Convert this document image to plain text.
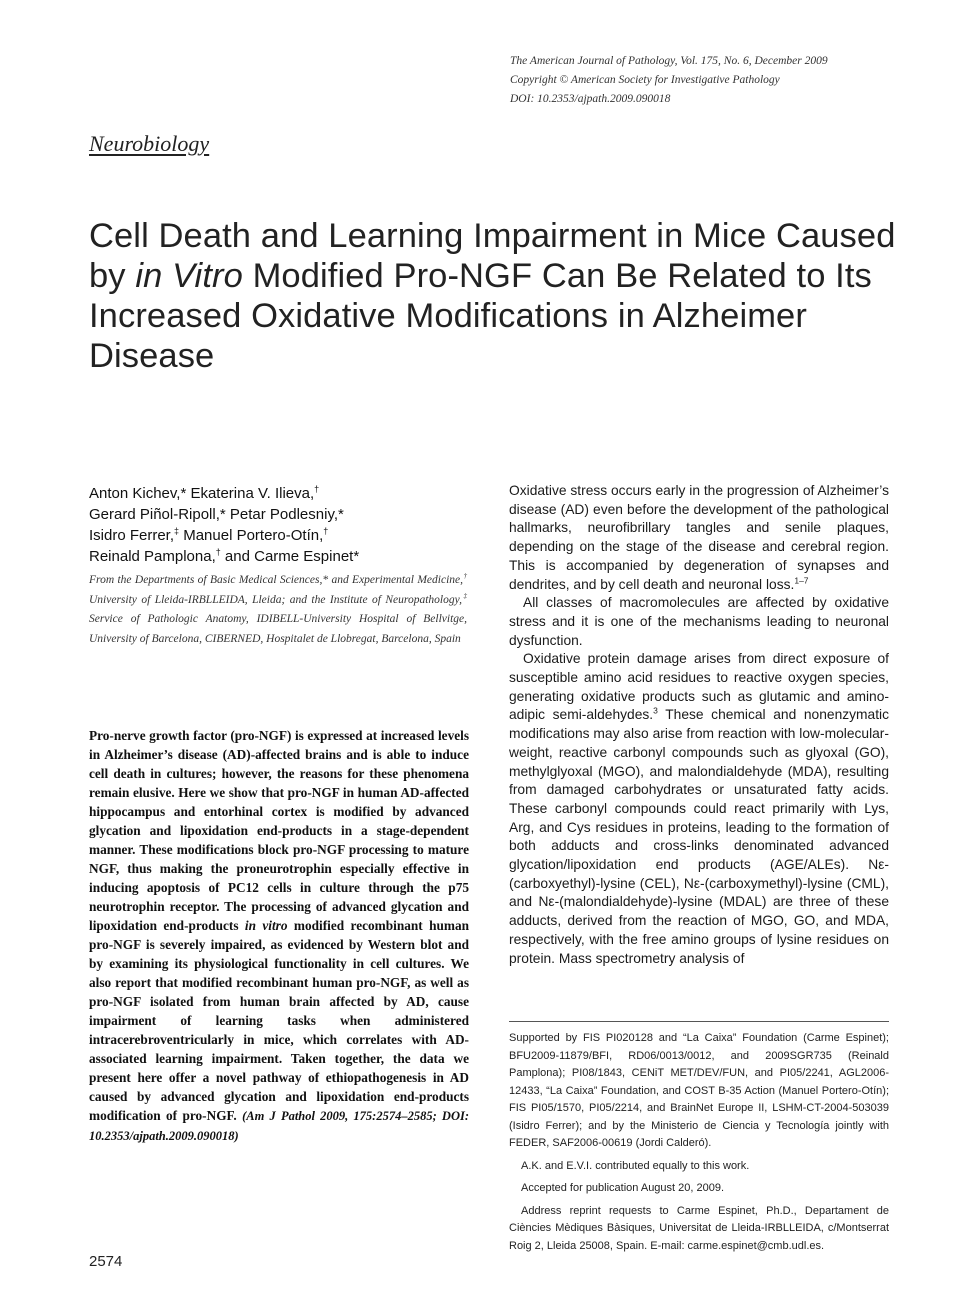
The American Journal of Pathology, Vol. 175, No. 6, December 2009
Copyright © American Society for Investigative Pathology
DOI: 10.2353/ajpath.2009.090018
Neurobiology
Cell Death and Learning Impairment in Mice Caused by in Vitro Modified Pro-NGF Can Be Related to Its Increased Oxidative Modifications in Alzheimer Disease
Anton Kichev,* Ekaterina V. Ilieva,†
Gerard Piñol-Ripoll,* Petar Podlesniy,*
Isidro Ferrer,‡ Manuel Portero-Otín,†
Reinald Pamplona,† and Carme Espinet*
From the Departments of Basic Medical Sciences,* and Experimental Medicine,† University of Lleida-IRBLLEIDA, Lleida; and the Institute of Neuropathology,‡ Service of Pathologic Anatomy, IDIBELL-University Hospital of Bellvitge, University of Barcelona, CIBERNED, Hospitalet de Llobregat, Barcelona, Spain
Pro-nerve growth factor (pro-NGF) is expressed at increased levels in Alzheimer’s disease (AD)-affected brains and is able to induce cell death in cultures; however, the reasons for these phenomena remain elusive. Here we show that pro-NGF in human AD-affected hippocampus and entorhinal cortex is modified by advanced glycation and lipoxidation end-products in a stage-dependent manner. These modifications block pro-NGF processing to mature NGF, thus making the proneurotrophin especially effective in inducing apoptosis of PC12 cells in culture through the p75 neurotrophin receptor. The processing of advanced glycation and lipoxidation end-products in vitro modified recombinant human pro-NGF is severely impaired, as evidenced by Western blot and by examining its physiological functionality in cell cultures. We also report that modified recombinant human pro-NGF, as well as pro-NGF isolated from human brain affected by AD, cause impairment of learning tasks when administered intracerebroventricularly in mice, which correlates with AD-associated learning impairment. Taken together, the data we present here offer a novel pathway of ethiopathogenesis in AD caused by advanced glycation and lipoxidation end-products modification of pro-NGF. (Am J Pathol 2009, 175:2574–2585; DOI: 10.2353/ajpath.2009.090018)

Oxidative stress occurs early in the progression of Alzheimer’s disease (AD) even before the development of the pathological hallmarks, neurofibrillary tangles and senile plaques, depending on the stage of the disease and cerebral region. This is accompanied by degeneration of synapses and dendrites, and by cell death and neuronal loss.$^{1-7}$

All classes of macromolecules are affected by oxidative stress and it is one of the mechanisms leading to neuronal dysfunction.

Oxidative protein damage arises from direct exposure of susceptible amino acid residues to reactive oxygen species, generating oxidative products such as glutamic and amino-adipic semi-aldehydes.$^3$ These chemical and nonenzymatic modifications may also arise from reaction with low-molecular-weight, reactive carbonyl compounds such as glyoxal (GO), methylglyoxal (MGO), and malondialdehyde (MDA), resulting from damaged carbohydrates or unsaturated fatty acids. These carbonyl compounds could react primarily with Lys, Arg, and Cys residues in proteins, leading to the formation of both adducts and cross-links denominated advanced glycation/lipoxidation end products (AGE/ALEs). Nε-(carboxyethyl)-lysine (CEL), Nε-(carboxymethyl)-lysine (CML), and Nε-(malondialdehyde)-lysine (MDAL) are three of these adducts, derived from the reaction of MGO, GO, and MDA, respectively, with the free amino groups of lysine residues on protein. Mass spectrometry analysis of

Supported by FIS PI020128 and “La Caixa” Foundation (Carme Espinet); BFU2009-11879/BFI, RD06/0013/0012, and 2009SGR735 (Reinald Pamplona); PI08/1843, CENiT MET/DEV/FUN, and PI05/2241, AGL2006-12433, “La Caixa” Foundation, and COST B-35 Action (Manuel Portero-Otín); FIS PI05/1570, PI05/2214, and BrainNet Europe II, LSHM-CT-2004-503039 (Isidro Ferrer); and by the Ministerio de Ciencia y Tecnología jointly with FEDER, SAF2006-00619 (Jordi Calderó).

A.K. and E.V.I. contributed equally to this work.

Accepted for publication August 20, 2009.

Address reprint requests to Carme Espinet, Ph.D., Departament de Ciències Mèdiques Bàsiques, Universitat de Lleida-IRBLLEIDA, c/Montserrat Roig 2, Lleida 25008, Spain. E-mail: carme.espinet@cmb.udl.es.

2574
